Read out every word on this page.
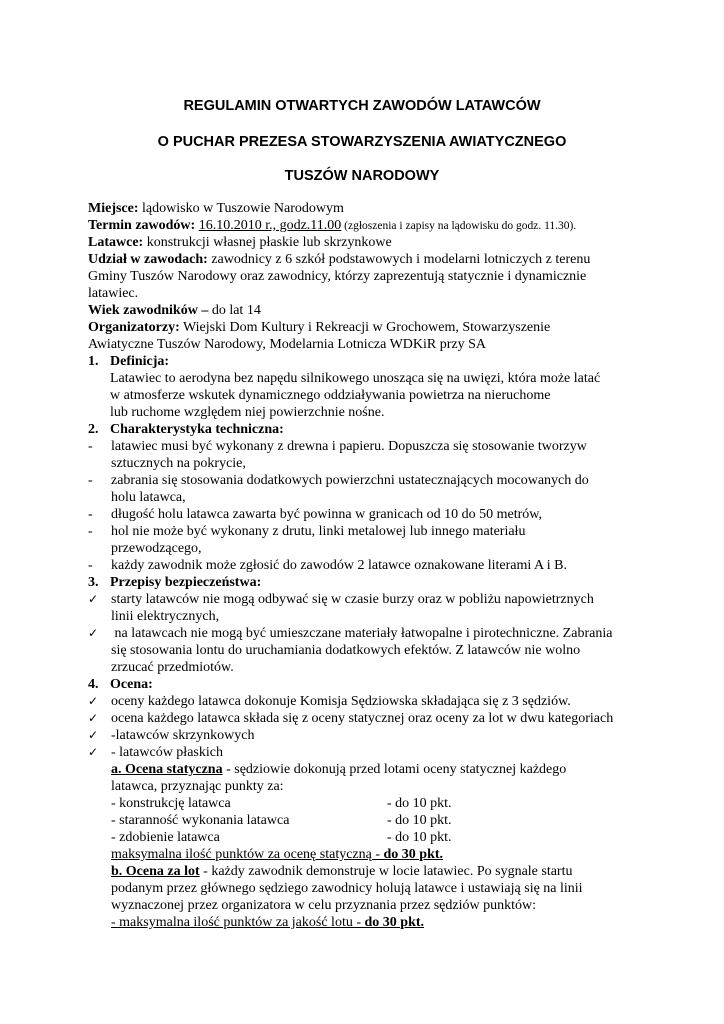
REGULAMIN OTWARTYCH ZAWODÓW LATAWCÓW
O PUCHAR PREZESA STOWARZYSZENIA AWIATYCZNEGO
TUSZÓW NARODOWY
Miejsce: lądowisko w Tuszowie Narodowym
Termin zawodów: 16.10.2010 r., godz.11.00 (zgłoszenia i zapisy na lądowisku do godz. 11.30).
Latawce: konstrukcji własnej płaskie lub skrzynkowe
Udział w zawodach: zawodnicy z 6 szkół podstawowych i modelarni lotniczych z terenu
Gminy Tuszów Narodowy oraz zawodnicy, którzy zaprezentują statycznie i dynamicznie
latawiec.
Wiek zawodników – do lat 14
Organizatorzy: Wiejski Dom Kultury i Rekreacji w Grochowem, Stowarzyszenie
Awiatyczne Tuszów Narodowy, Modelarnia Lotnicza WDKiR przy SA
1. Definicja:
Latawiec to aerodyna bez napędu silnikowego unosząca się na uwięzi, która może latać
w atmosferze wskutek dynamicznego oddziaływania powietrza na nieruchome
lub ruchome względem niej powierzchnie nośne.
2. Charakterystyka techniczna:
- latawiec musi być wykonany z drewna i papieru. Dopuszcza się stosowanie tworzyw
sztucznych na pokrycie,
- zabrania się stosowania dodatkowych powierzchni ustatecznających mocowanych do
holu latawca,
- długość holu latawca zawarta być powinna w granicach od 10 do 50 metrów,
- hol nie może być wykonany z drutu, linki metalowej lub innego materiału
przewodzącego,
- każdy zawodnik może zgłosić do zawodów 2 latawce oznakowane literami A i B.
3. Przepisy bezpieczeństwa:
✓ starty latawców nie mogą odbywać się w czasie burzy oraz w pobliżu napowietrznych
linii elektrycznych,
✓ na latawcach nie mogą być umieszczane materiały łatwopalne i pirotechniczne. Zabrania
się stosowania lontu do uruchamiania dodatkowych efektów. Z latawców nie wolno
zrzucać przedmiotów.
4. Ocena:
✓ oceny każdego latawca dokonuje Komisja Sędziowska składająca się z 3 sędziów.
✓ ocena każdego latawca składa się z oceny statycznej oraz oceny za lot w dwu kategoriach
✓ -latawców skrzynkowych
✓ - latawców płaskich
a. Ocena statyczna - sędziowie dokonują przed lotami oceny statycznej każdego
latawca, przyznając punkty za:
- konstrukcję latawca	- do 10 pkt.
- staranność wykonania latawca	- do 10 pkt.
- zdobienie latawca	- do 10 pkt.
maksymalna ilość punktów za ocenę statyczną - do 30 pkt.
b. Ocena za lot - każdy zawodnik demonstruje w locie latawiec. Po sygnale startu
podanym przez głównego sędziego zawodnicy holują latawce i ustawiają się na linii
wyznaczonej przez organizatora w celu przyznania przez sędziów punktów:
- maksymalna ilość punktów za jakość lotu - do 30 pkt.
